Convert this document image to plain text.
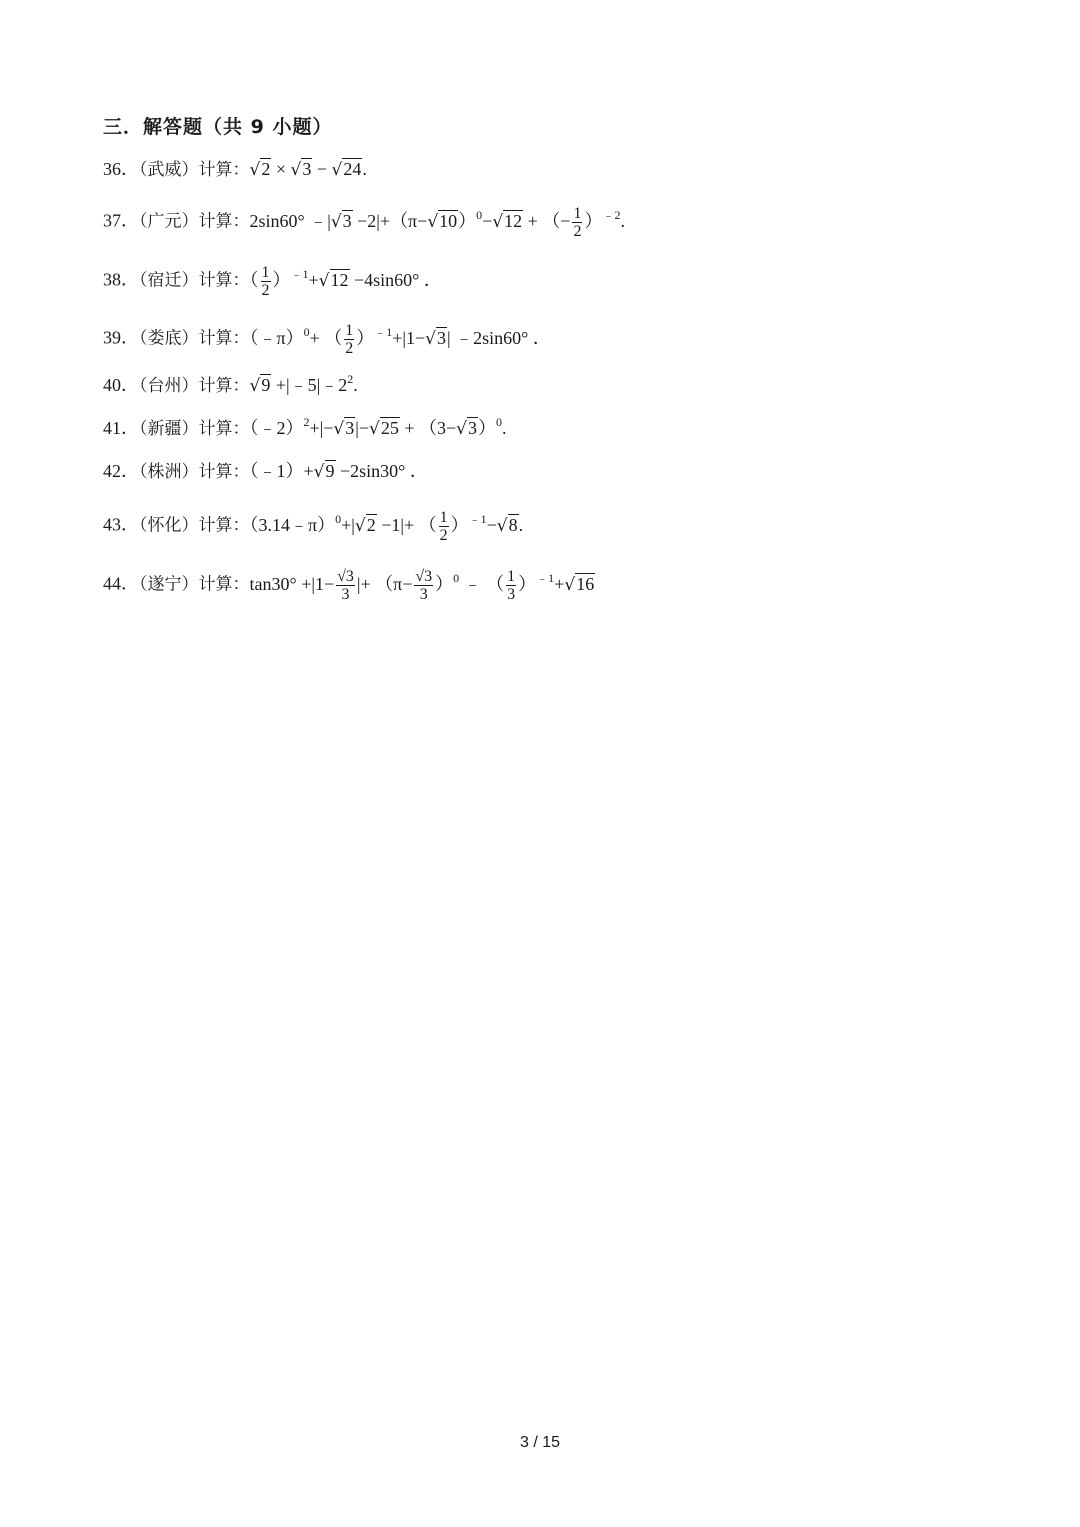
三．解答题（共 9 小题）
36．（武威）计算：√2 × √3 − √24.
37．（广元）计算：2sin60° ﹣|√3 $-2|+(\pi-√10)^0-√12$ + （− $\frac{1}{2} )^{﹣2}$.
38．（宿迁）计算：（ $\frac{1}{2} )^{﹣1}+√12 -4\sin 60^\circ$ ．
39．（娄底）计算：（﹣π）$^0$+ （ $\frac{1}{2} )^{﹣1}+|1-√3|$ ﹣2sin60° ．
40．（台州）计算：$√9 +|﹣5|﹣2^2$.
41．（新疆）计算：（﹣2）$^2$+|−√3|−√25 + $(3-√3)^0$.
42．（株洲）计算：（﹣1）+√9 −2sin30° ．
43．（怀化）计算：（3.14﹣π）$^0$+|√2 −1|+ （ $\frac{1}{2} )^{﹣1}-√8$.
44．（遂宁）计算：$\tan 30^\circ +|1- \frac{√3}{3}$ |+ $(\pi- \frac{√3}{3} )^0$ ﹣ （ $\frac{1}{3} )^{﹣1}+√16$
3 / 15
